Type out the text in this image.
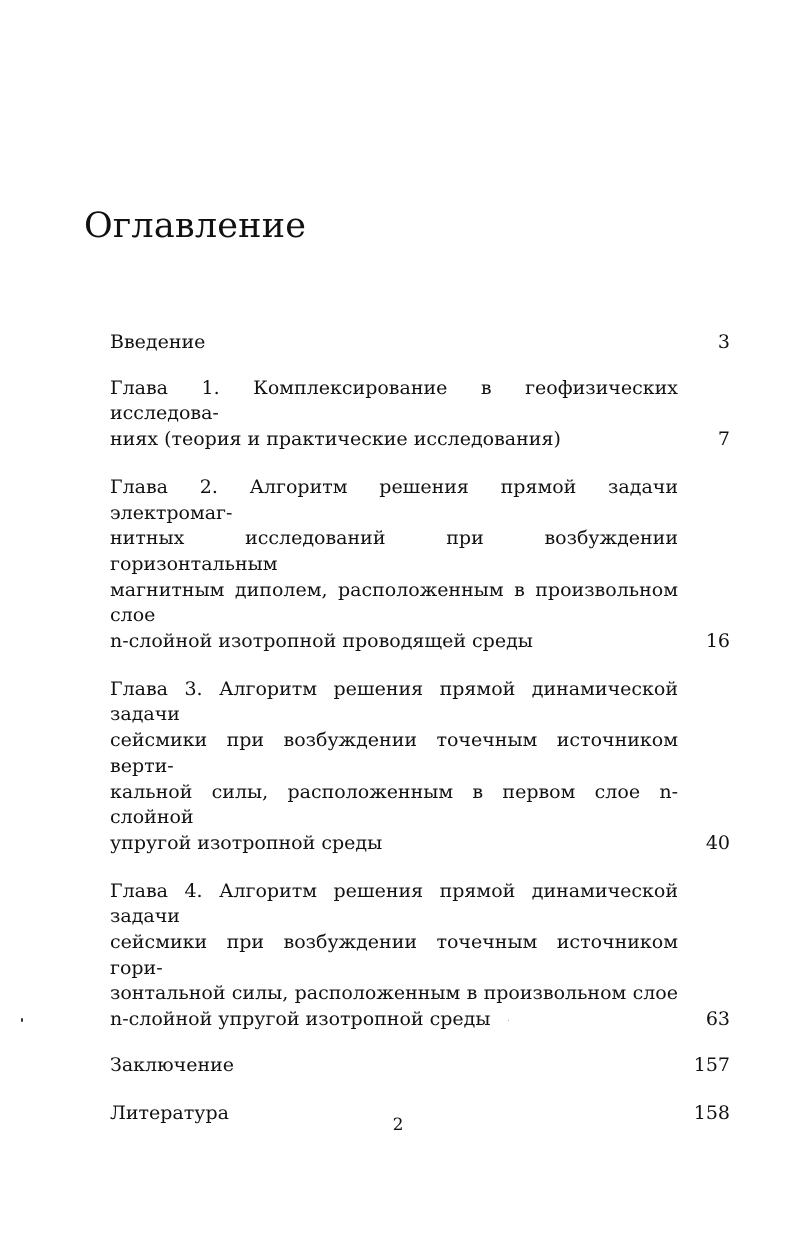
Оглавление
Введение	3
Глава 1. Комплексирование в геофизических исследова-
ниях (теория и практические исследования)	7
Глава 2. Алгоритм решения прямой задачи электромаг-
нитных исследований при возбуждении горизонтальным
магнитным диполем, расположенным в произвольном слое
n-слойной изотропной проводящей среды	16
Глава 3. Алгоритм решения прямой динамической задачи
сейсмики при возбуждении точечным источником верти-
кальной силы, расположенным в первом слое n-слойной
упругой изотропной среды	40
Глава 4. Алгоритм решения прямой динамической задачи
сейсмики при возбуждении точечным источником гори-
зонтальной силы, расположенным в произвольном слое
n-слойной упругой изотропной среды	63
Заключение	157
Литература	158
2
